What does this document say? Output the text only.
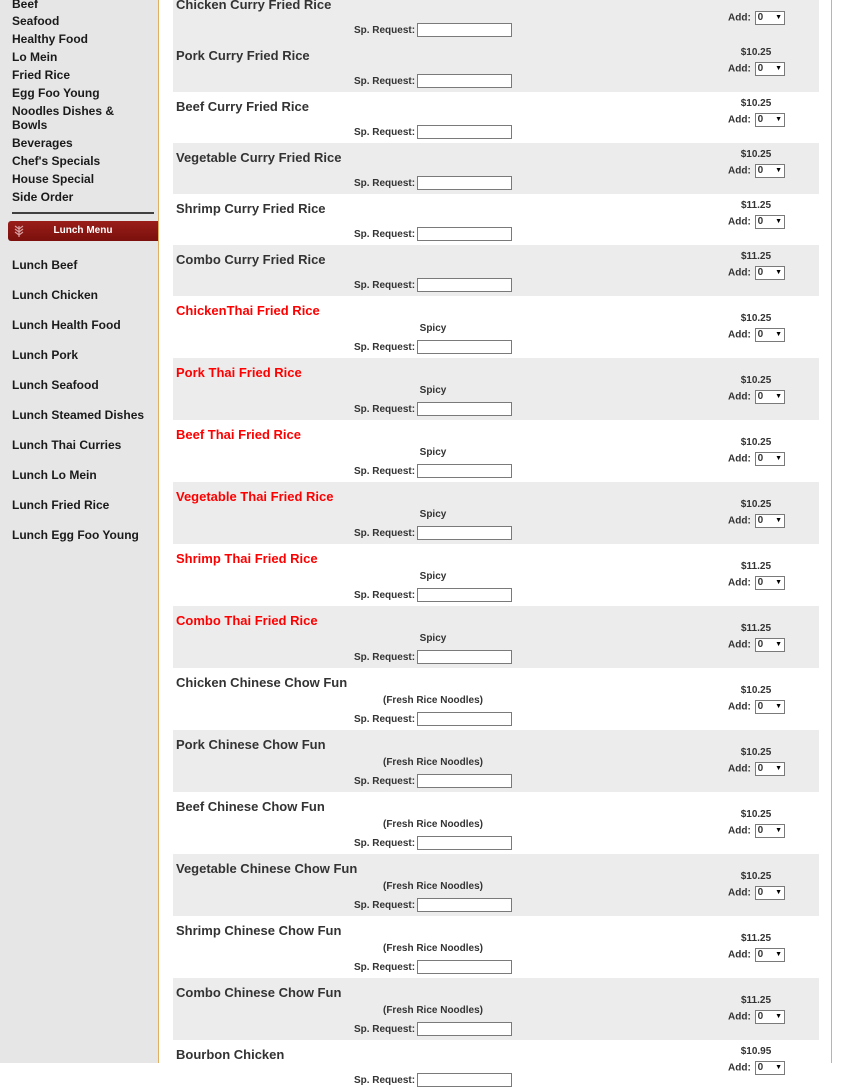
Beef
Seafood
Healthy Food
Lo Mein
Fried Rice
Egg Foo Young
Noodles Dishes & Bowls
Beverages
Chef's Specials
House Special
Side Order
Lunch Menu
Lunch Beef
Lunch Chicken
Lunch Health Food
Lunch Pork
Lunch Seafood
Lunch Steamed Dishes
Lunch Thai Curries
Lunch Lo Mein
Lunch Fried Rice
Lunch Egg Foo Young
Chicken Curry Fried Rice
Sp. Request:
Add: 0 ▼
Pork Curry Fried Rice
Sp. Request:
$10.25
Add: 0 ▼
Beef Curry Fried Rice
Sp. Request:
$10.25
Add: 0 ▼
Vegetable Curry Fried Rice
Sp. Request:
$10.25
Add: 0 ▼
Shrimp Curry Fried Rice
Sp. Request:
$11.25
Add: 0 ▼
Combo Curry Fried Rice
Sp. Request:
$11.25
Add: 0 ▼
ChickenThai Fried Rice
Spicy
Sp. Request:
$10.25
Add: 0 ▼
Pork Thai Fried Rice
Spicy
Sp. Request:
$10.25
Add: 0 ▼
Beef Thai Fried Rice
Spicy
Sp. Request:
$10.25
Add: 0 ▼
Vegetable Thai Fried Rice
Spicy
Sp. Request:
$10.25
Add: 0 ▼
Shrimp Thai Fried Rice
Spicy
Sp. Request:
$11.25
Add: 0 ▼
Combo Thai Fried Rice
Spicy
Sp. Request:
$11.25
Add: 0 ▼
Chicken Chinese Chow Fun
(Fresh Rice Noodles)
Sp. Request:
$10.25
Add: 0 ▼
Pork Chinese Chow Fun
(Fresh Rice Noodles)
Sp. Request:
$10.25
Add: 0 ▼
Beef Chinese Chow Fun
(Fresh Rice Noodles)
Sp. Request:
$10.25
Add: 0 ▼
Vegetable Chinese Chow Fun
(Fresh Rice Noodles)
Sp. Request:
$10.25
Add: 0 ▼
Shrimp Chinese Chow Fun
(Fresh Rice Noodles)
Sp. Request:
$11.25
Add: 0 ▼
Combo Chinese Chow Fun
(Fresh Rice Noodles)
Sp. Request:
$11.25
Add: 0 ▼
Bourbon Chicken
Sp. Request:
$10.95
Add: 0 ▼
